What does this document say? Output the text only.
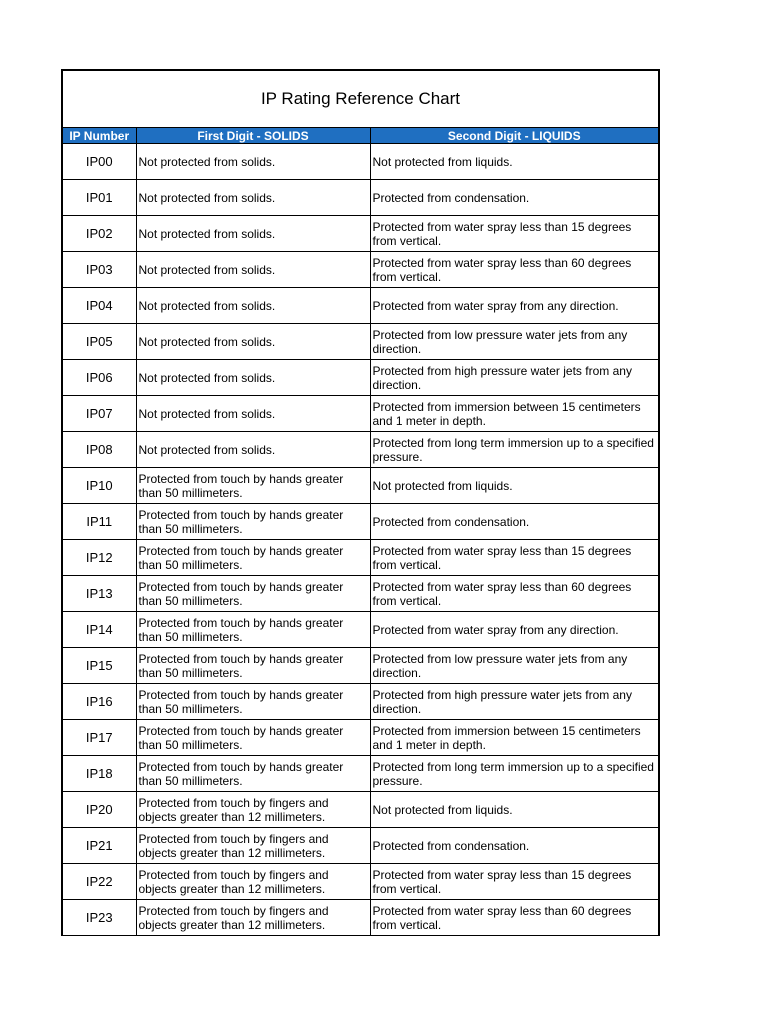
IP Rating Reference Chart		
IP Number	First Digit - SOLIDS	Second Digit - LIQUIDS
IP00	Not protected from solids.	Not protected from liquids.
IP01	Not protected from solids.	Protected from condensation.
IP02	Not protected from solids.	Protected from water spray less than 15 degrees from vertical.
IP03	Not protected from solids.	Protected from water spray less than 60 degrees from vertical.
IP04	Not protected from solids.	Protected from water spray from any direction.
IP05	Not protected from solids.	Protected from low pressure water jets from any direction.
IP06	Not protected from solids.	Protected from high pressure water jets from any direction.
IP07	Not protected from solids.	Protected from immersion between 15 centimeters and 1 meter in depth.
IP08	Not protected from solids.	Protected from long term immersion up to a specified pressure.
IP10	Protected from touch by hands greater than 50 millimeters.	Not protected from liquids.
IP11	Protected from touch by hands greater than 50 millimeters.	Protected from condensation.
IP12	Protected from touch by hands greater than 50 millimeters.	Protected from water spray less than 15 degrees from vertical.
IP13	Protected from touch by hands greater than 50 millimeters.	Protected from water spray less than 60 degrees from vertical.
IP14	Protected from touch by hands greater than 50 millimeters.	Protected from water spray from any direction.
IP15	Protected from touch by hands greater than 50 millimeters.	Protected from low pressure water jets from any direction.
IP16	Protected from touch by hands greater than 50 millimeters.	Protected from high pressure water jets from any direction.
IP17	Protected from touch by hands greater than 50 millimeters.	Protected from immersion between 15 centimeters and 1 meter in depth.
IP18	Protected from touch by hands greater than 50 millimeters.	Protected from long term immersion up to a specified pressure.
IP20	Protected from touch by fingers and objects greater than 12 millimeters.	Not protected from liquids.
IP21	Protected from touch by fingers and objects greater than 12 millimeters.	Protected from condensation.
IP22	Protected from touch by fingers and objects greater than 12 millimeters.	Protected from water spray less than 15 degrees from vertical.
IP23	Protected from touch by fingers and objects greater than 12 millimeters.	Protected from water spray less than 60 degrees from vertical.
